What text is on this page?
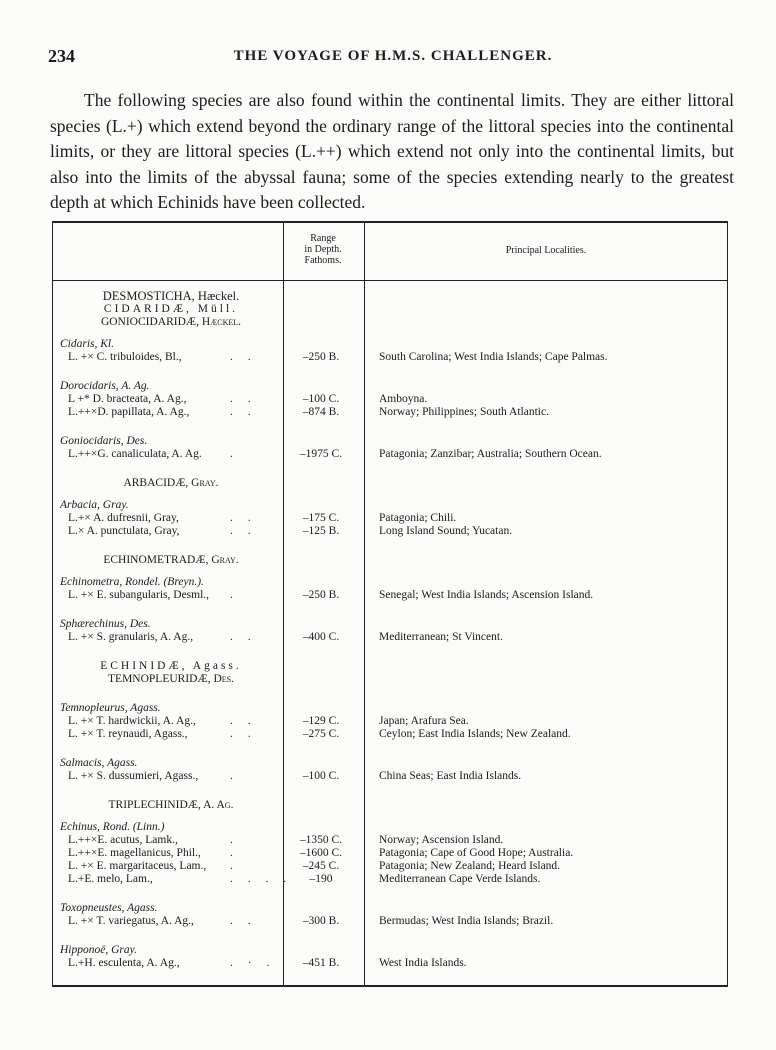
234	THE VOYAGE OF H.M.S. CHALLENGER.

The following species are also found within the continental limits. They are either littoral species (L.+) which extend beyond the ordinary range of the littoral species into the continental limits, or they are littoral species (L.++) which extend not only into the continental limits, but also into the limits of the abyssal fauna; some of the species extending nearly to the greatest depth at which Echinids have been collected.

Range
in Depth.
Fathoms.
Principal Localities.
DESMOSTICHA, Hæckel.
CIDARIDÆ, Müll.
GONIOCIDARIDÆ, Hæckel.
Cidaris, Kl.
L. +× C. tribuloides, Bl.,	. .	–250 B.	South Carolina; West India Islands; Cape Palmas.
Dorocidaris, A. Ag.
L +* D. bracteata, A. Ag.,	. .	–100 C.	Amboyna.
L.++×D. papillata, A. Ag.,	. .	–874 B.	Norway; Philippines; South Atlantic.
Goniocidaris, Des.
L.++×G. canaliculata, A. Ag.	.	–1975 C.	Patagonia; Zanzibar; Australia; Southern Ocean.
ARBACIDÆ, Gray.
Arbacia, Gray.
L.+× A. dufresnii, Gray,	. .	–175 C.	Patagonia; Chili.
L.× A. punctulata, Gray,	. .	–125 B.	Long Island Sound; Yucatan.
ECHINOMETRADÆ, Gray.
Echinometra, Rondel. (Breyn.).
L. +× E. subangularis, Desml.,	.	–250 B.	Senegal; West India Islands; Ascension Island.
Sphærechinus, Des.
L. +× S. granularis, A. Ag.,	. .	–400 C.	Mediterranean; St Vincent.
ECHINIDÆ, Agass.
TEMNOPLEURIDÆ, Des.
Temnopleurus, Agass.
L. +× T. hardwickii, A. Ag.,	. .	–129 C.	Japan; Arafura Sea.
L. +× T. reynaudi, Agass.,	. .	–275 C.	Ceylon; East India Islands; New Zealand.
Salmacis, Agass.
L. +× S. dussumieri, Agass.,	.	–100 C.	China Seas; East India Islands.
TRIPLECHINIDÆ, A. Ag.
Echinus, Rond. (Linn.)
L.++×E. acutus, Lamk.,	.	–1350 C.	Norway; Ascension Island.
L.++×E. magellanicus, Phil.,	.	–1600 C.	Patagonia; Cape of Good Hope; Australia.
L. +× E. margaritaceus, Lam.,	.	–245 C.	Patagonia; New Zealand; Heard Island.
L.+E. melo, Lam.,	. . . .	–190	Mediterranean Cape Verde Islands.
Toxopneustes, Agass.
L. +× T. variegatus, A. Ag.,	. .	–300 B.	Bermudas; West India Islands; Brazil.
Hipponoë, Gray.
L.+H. esculenta, A. Ag.,	. · .	–451 B.	West India Islands.
